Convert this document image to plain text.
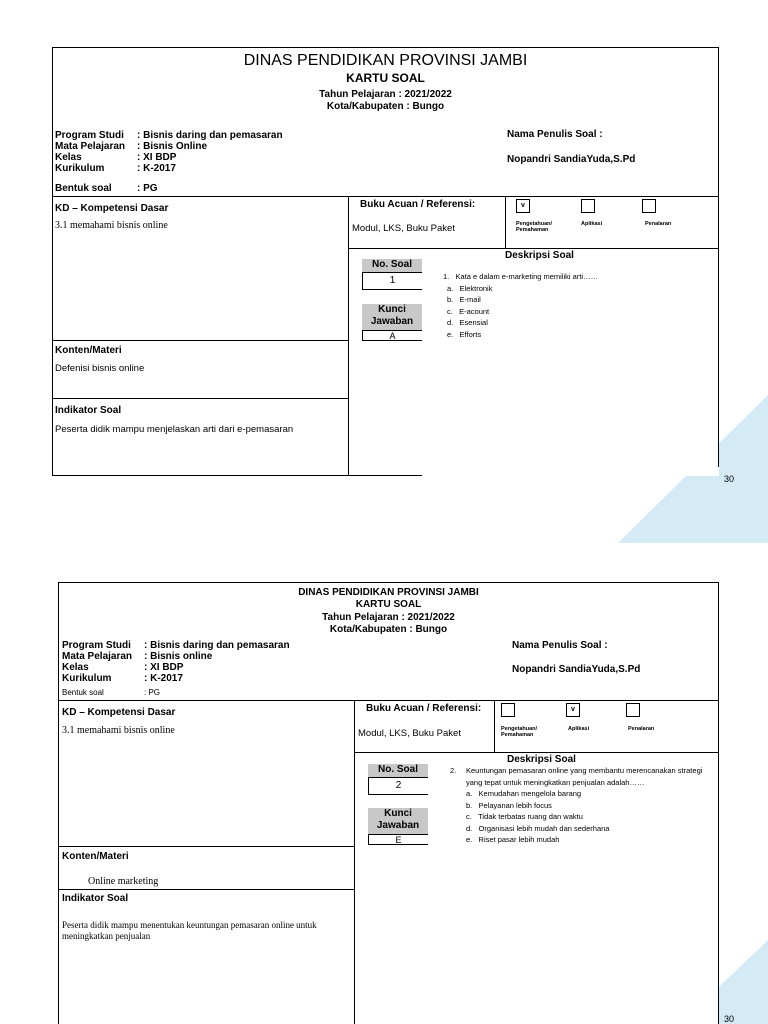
DINAS PENDIDIKAN PROVINSI JAMBI
KARTU SOAL
Tahun Pelajaran : 2021/2022
Kota/Kabupaten : Bungo
Program Studi	: Bisnis daring dan pemasaran
Mata Pelajaran	: Bisnis Online
Kelas	: XI BDP
Kurikulum	: K-2017
Bentuk soal	: PG
Nama Penulis Soal :
Nopandri SandiaYuda,S.Pd
KD – Kompetensi Dasar
3.1 memahami bisnis online
Konten/Materi
Defenisi bisnis online
Indikator Soal
Peserta didik mampu menjelaskan arti dari e-pemasaran
Buku Acuan / Referensi:
Modul, LKS, Buku Paket
v
Pengetahuan/ Pemahaman
Aplikasi	Penalaran
Deskripsi Soal
No. Soal
1
Kunci Jawaban
A
1. Kata e dalam e-marketing memiliki arti……
a. Elektronik
b. E-mail
c. E-acount
d. Esensial
e. Efforts
30
DINAS PENDIDIKAN PROVINSI JAMBI
KARTU SOAL
Tahun Pelajaran : 2021/2022
Kota/Kabupaten : Bungo
Program Studi	: Bisnis daring dan pemasaran
Mata Pelajaran	: Bisnis online
Kelas	: XI BDP
Kurikulum	: K-2017
Bentuk soal	: PG
Nama Penulis Soal :
Nopandri SandiaYuda,S.Pd
KD – Kompetensi Dasar
3.1 memahami bisnis online
Konten/Materi
Online marketing
Indikator Soal
Peserta didik mampu menentukan keuntungan pemasaran online untuk meningkatkan penjualan
Buku Acuan / Referensi:
Modul, LKS, Buku Paket
v
Pengetahuan/ Pemahaman
Aplikasi	Penalaran
Deskripsi Soal
No. Soal
2
Kunci Jawaban
E
2.	Keuntungan pemasaran online yang membantu merencanakan strategi yang tepat untuk meningkatkan penjualan adalah……
a. Kemudahan mengelola barang
b. Pelayanan lebih focus
c. Tidak terbatas ruang dan waktu
d. Organisasi lebih mudah dan sederhana
e. Riset pasar lebih mudah
30
